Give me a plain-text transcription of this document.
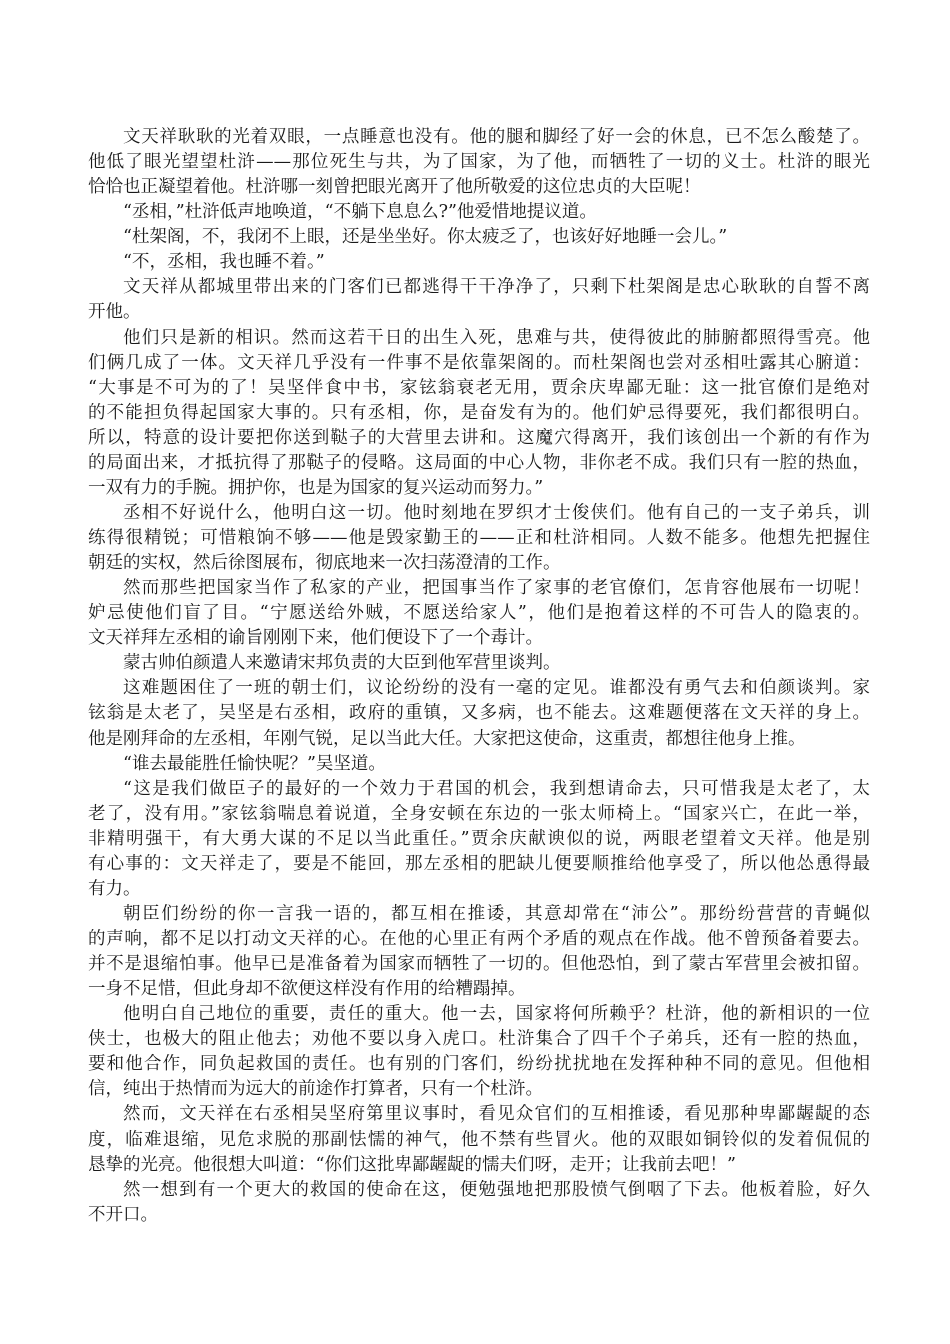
文天祥耿耿的光着双眼，一点睡意也没有。他的腿和脚经了好一会的休息，已不怎么酸楚了。
他低了眼光望望杜浒——那位死生与共，为了国家，为了他，而牺牲了一切的义士。杜浒的眼光
恰恰也正凝望着他。杜浒哪一刻曾把眼光离开了他所敬爱的这位忠贞的大臣呢！
“丞相，”杜浒低声地唤道，“不躺下息息么?”他爱惜地提议道。
“杜架阁，不，我闭不上眼，还是坐坐好。你太疲乏了，也该好好地睡一会儿。”
“不，丞相，我也睡不着。”
文天祥从都城里带出来的门客们已都逃得干干净净了，只剩下杜架阁是忠心耿耿的自誓不离
开他。
他们只是新的相识。然而这若干日的出生入死，患难与共，使得彼此的肺腑都照得雪亮。他
们俩几成了一体。文天祥几乎没有一件事不是依靠架阁的。而杜架阁也尝对丞相吐露其心腑道：
“大事是不可为的了！吴坚伴食中书，家铉翁衰老无用，贾余庆卑鄙无耻：这一批官僚们是绝对
的不能担负得起国家大事的。只有丞相，你，是奋发有为的。他们妒忌得要死，我们都很明白。
所以，特意的设计要把你送到鞑子的大营里去讲和。这魔穴得离开，我们该创出一个新的有作为
的局面出来，才抵抗得了那鞑子的侵略。这局面的中心人物，非你老不成。我们只有一腔的热血，
一双有力的手腕。拥护你，也是为国家的复兴运动而努力。”
丞相不好说什么，他明白这一切。他时刻地在罗织才士俊侠们。他有自己的一支子弟兵，训
练得很精锐；可惜粮饷不够——他是毁家勤王的——正和杜浒相同。人数不能多。他想先把握住
朝廷的实权，然后徐图展布，彻底地来一次扫荡澄清的工作。
然而那些把国家当作了私家的产业，把国事当作了家事的老官僚们，怎肯容他展布一切呢！
妒忌使他们盲了目。“宁愿送给外贼，不愿送给家人”，他们是抱着这样的不可告人的隐衷的。
文天祥拜左丞相的谕旨刚刚下来，他们便设下了一个毒计。
蒙古帅伯颜遣人来邀请宋邦负责的大臣到他军营里谈判。
这难题困住了一班的朝士们，议论纷纷的没有一毫的定见。谁都没有勇气去和伯颜谈判。家
铉翁是太老了，吴坚是右丞相，政府的重镇，又多病，也不能去。这难题便落在文天祥的身上。
他是刚拜命的左丞相，年刚气锐，足以当此大任。大家把这使命，这重责，都想往他身上推。
“谁去最能胜任愉快呢？”吴坚道。
“这是我们做臣子的最好的一个效力于君国的机会，我到想请命去，只可惜我是太老了，太
老了，没有用。”家铉翁喘息着说道，全身安顿在东边的一张太师椅上。“国家兴亡，在此一举，
非精明强干，有大勇大谋的不足以当此重任。”贾余庆献谀似的说，两眼老望着文天祥。他是别
有心事的：文天祥走了，要是不能回，那左丞相的肥缺儿便要顺推给他享受了，所以他怂恿得最
有力。
朝臣们纷纷的你一言我一语的，都互相在推诿，其意却常在“沛公”。那纷纷营营的青蝇似
的声响，都不足以打动文天祥的心。在他的心里正有两个矛盾的观点在作战。他不曾预备着要去。
并不是退缩怕事。他早已是准备着为国家而牺牲了一切的。但他恐怕，到了蒙古军营里会被扣留。
一身不足惜，但此身却不欲便这样没有作用的给糟蹋掉。
他明白自己地位的重要，责任的重大。他一去，国家将何所赖乎？杜浒，他的新相识的一位
侠士，也极大的阻止他去；劝他不要以身入虎口。杜浒集合了四千个子弟兵，还有一腔的热血，
要和他合作，同负起救国的责任。也有别的门客们，纷纷扰扰地在发挥种种不同的意见。但他相
信，纯出于热情而为远大的前途作打算者，只有一个杜浒。
然而，文天祥在右丞相吴坚府第里议事时，看见众官们的互相推诿，看见那种卑鄙龌龊的态
度，临难退缩，见危求脱的那副怯懦的神气，他不禁有些冒火。他的双眼如铜铃似的发着侃侃的
恳挚的光亮。他很想大叫道：“你们这批卑鄙龌龊的懦夫们呀，走开；让我前去吧！”
然一想到有一个更大的救国的使命在这，便勉强地把那股愤气倒咽了下去。他板着脸，好久
不开口。
